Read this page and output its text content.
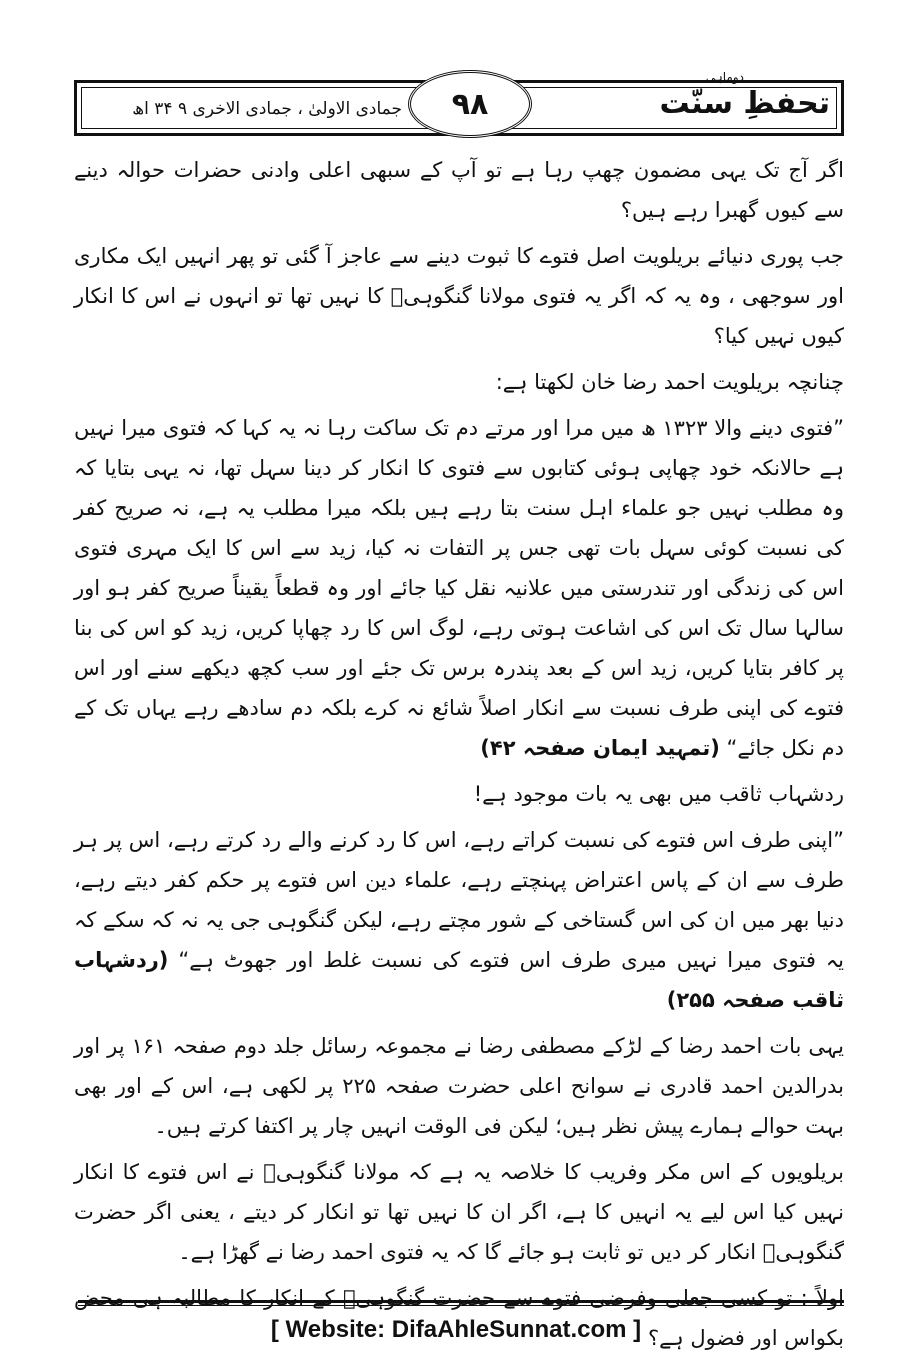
جمادی الاولیٰ ، جمادی الاخری ۹ ۳۴ اھ
دوماہی
تحفظِ سنّت
۹۸

اگر آج تک یہی مضمون چھپ رہا ہے تو آپ کے سبھی اعلی وادنی حضرات حوالہ دینے سے کیوں گھبرا رہے ہیں؟

جب پوری دنیائے بریلویت اصل فتوے کا ثبوت دینے سے عاجز آ گئی تو پھر انہیں ایک مکاری اور سوجھی ، وہ یہ کہ اگر یہ فتوی مولانا گنگوہیؒ کا نہیں تھا تو انہوں نے اس کا انکار کیوں نہیں کیا؟

چنانچہ بریلویت احمد رضا خان لکھتا ہے:

”فتوی دینے والا ۱۳۲۳ ھ میں مرا اور مرتے دم تک ساکت رہا نہ یہ کہا کہ فتوی میرا نہیں ہے حالانکہ خود چھاپی ہوئی کتابوں سے فتوی کا انکار کر دینا سہل تھا، نہ یہی بتایا کہ وہ مطلب نہیں جو علماء اہل سنت بتا رہے ہیں بلکہ میرا مطلب یہ ہے، نہ صریح کفر کی نسبت کوئی سہل بات تھی جس پر التفات نہ کیا، زید سے اس کا ایک مہری فتوی اس کی زندگی اور تندرستی میں علانیہ نقل کیا جائے اور وہ قطعاً یقیناً صریح کفر ہو اور سالہا سال تک اس کی اشاعت ہوتی رہے، لوگ اس کا رد چھاپا کریں، زید کو اس کی بنا پر کافر بتایا کریں، زید اس کے بعد پندرہ برس تک جئے اور سب کچھ دیکھے سنے اور اس فتوے کی اپنی طرف نسبت سے انکار اصلاً شائع نہ کرے بلکہ دم سادھے رہے یہاں تک کے دم نکل جائے“ (تمہید ایمان صفحہ ۴۲)

ردشہاب ثاقب میں بھی یہ بات موجود ہے!

”اپنی طرف اس فتوے کی نسبت کراتے رہے، اس کا رد کرنے والے رد کرتے رہے، اس پر ہر طرف سے ان کے پاس اعتراض پہنچتے رہے، علماء دین اس فتوے پر حکم کفر دیتے رہے، دنیا بھر میں ان کی اس گستاخی کے شور مچتے رہے، لیکن گنگوہی جی یہ نہ کہ سکے کہ یہ فتوی میرا نہیں میری طرف اس فتوے کی نسبت غلط اور جھوٹ ہے“ (ردشہاب ثاقب صفحہ ۲۵۵)

یہی بات احمد رضا کے لڑکے مصطفی رضا نے مجموعہ رسائل جلد دوم صفحہ ۱۶۱ پر اور بدرالدین احمد قادری نے سوانح اعلی حضرت صفحہ ۲۲۵ پر لکھی ہے، اس کے اور بھی بہت حوالے ہمارے پیش نظر ہیں؛ لیکن فی الوقت انہیں چار پر اکتفا کرتے ہیں۔

بریلویوں کے اس مکر وفریب کا خلاصہ یہ ہے کہ مولانا گنگوہیؒ نے اس فتوے کا انکار نہیں کیا اس لیے یہ انہیں کا ہے، اگر ان کا نہیں تھا تو انکار کر دیتے ، یعنی اگر حضرت گنگوہیؒ انکار کر دیں تو ثابت ہو جائے گا کہ یہ فتوی احمد رضا نے گھڑا ہے۔

اولاً : تو کسی جعلی وفرضی فتوے سے حضرت گنگوہیؒ کے انکار کا مطالبہ ہی محض بکواس اور فضول ہے؟

[ Website: DifaAhleSunnat.com ]
